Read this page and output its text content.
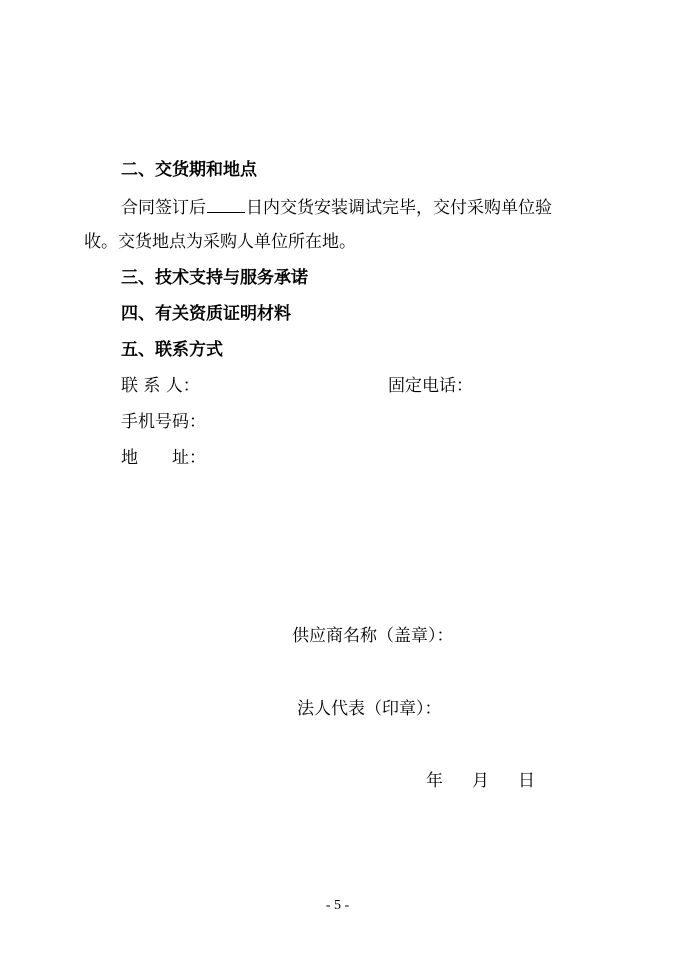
二、交货期和地点
合同签订后 日内交货安装调试完毕，交付采购单位验
收。交货地点为采购人单位所在地。
三、技术支持与服务承诺
四、有关资质证明材料
五、联系方式
联 系 人：	固定电话：
手机号码：
地　　址：
供应商名称（盖章）：
法人代表（印章）：
年 月 日
- 5 -
